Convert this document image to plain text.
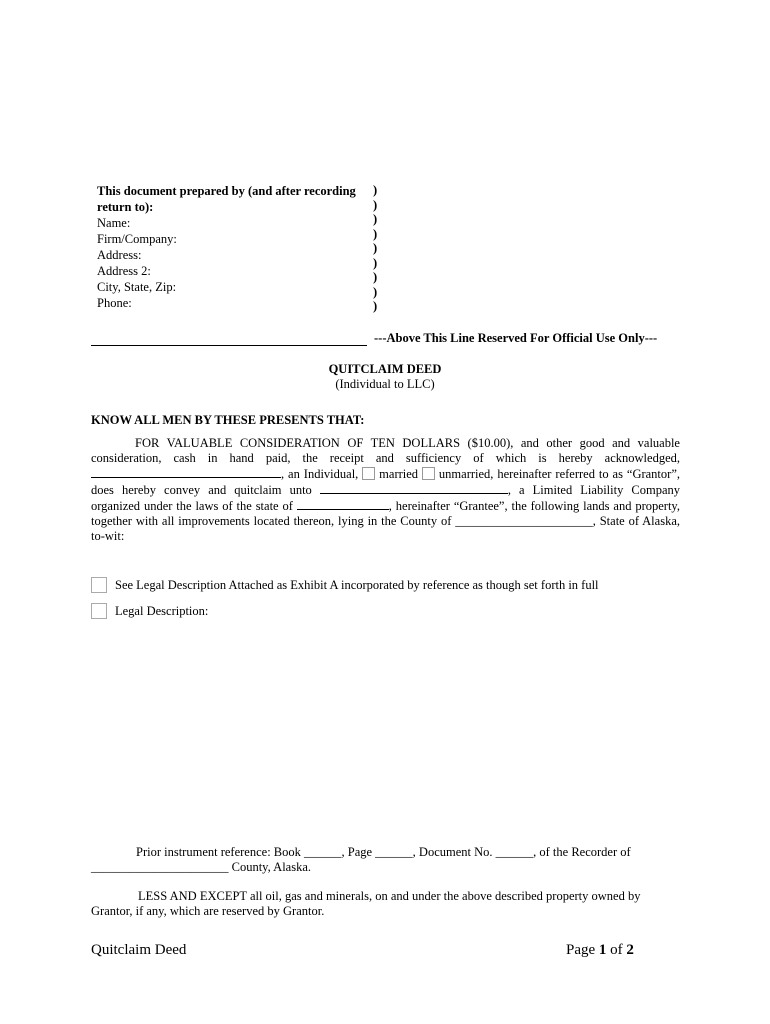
This document prepared by (and after recording
return to):
Name:
Firm/Company:
Address:
Address 2:
City, State, Zip:
Phone:
)
)
)
)
)
)
)
)
)
---Above This Line Reserved For Official Use Only---
QUITCLAIM DEED
(Individual to LLC)
KNOW ALL MEN BY THESE PRESENTS THAT:
FOR VALUABLE CONSIDERATION OF TEN DOLLARS ($10.00), and other good and valuable consideration, cash in hand paid, the receipt and sufficiency of which is hereby acknowledged, , an Individual, married unmarried, hereinafter referred to as “Grantor”, does hereby convey and quitclaim unto	, a Limited Liability Company organized under the laws of the state of	, hereinafter “Grantee”, the following lands and property, together with all improvements located thereon, lying in the County of ______________________, State of Alaska, to-wit:
See Legal Description Attached as Exhibit A incorporated by reference as though set forth in full
Legal Description:
Prior instrument reference: Book ______, Page ______, Document No. ______, of the Recorder of
______________________ County, Alaska.
LESS AND EXCEPT all oil, gas and minerals, on and under the above described property owned by
Grantor, if any, which are reserved by Grantor.
Quitclaim Deed	Page 1 of 2
